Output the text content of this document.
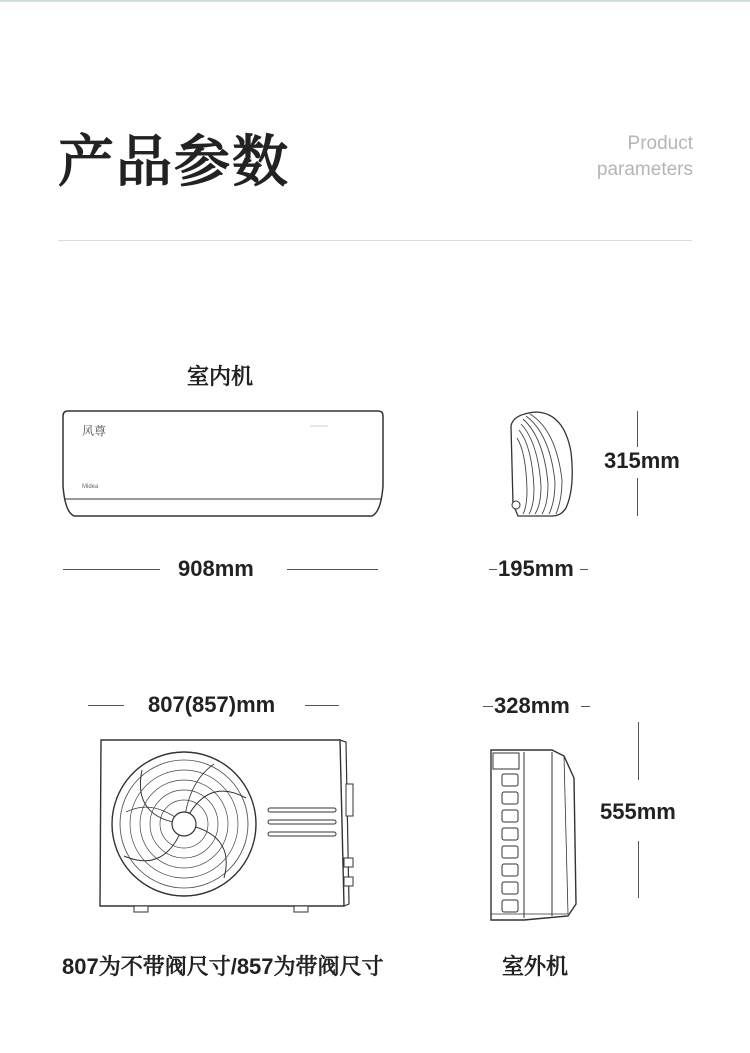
产品参数	Product
parameters
室内机
风尊
Midea
908mm
315mm
195mm
807(857)mm	328mm
555mm
807为不带阀尺寸/857为带阀尺寸	室外机
